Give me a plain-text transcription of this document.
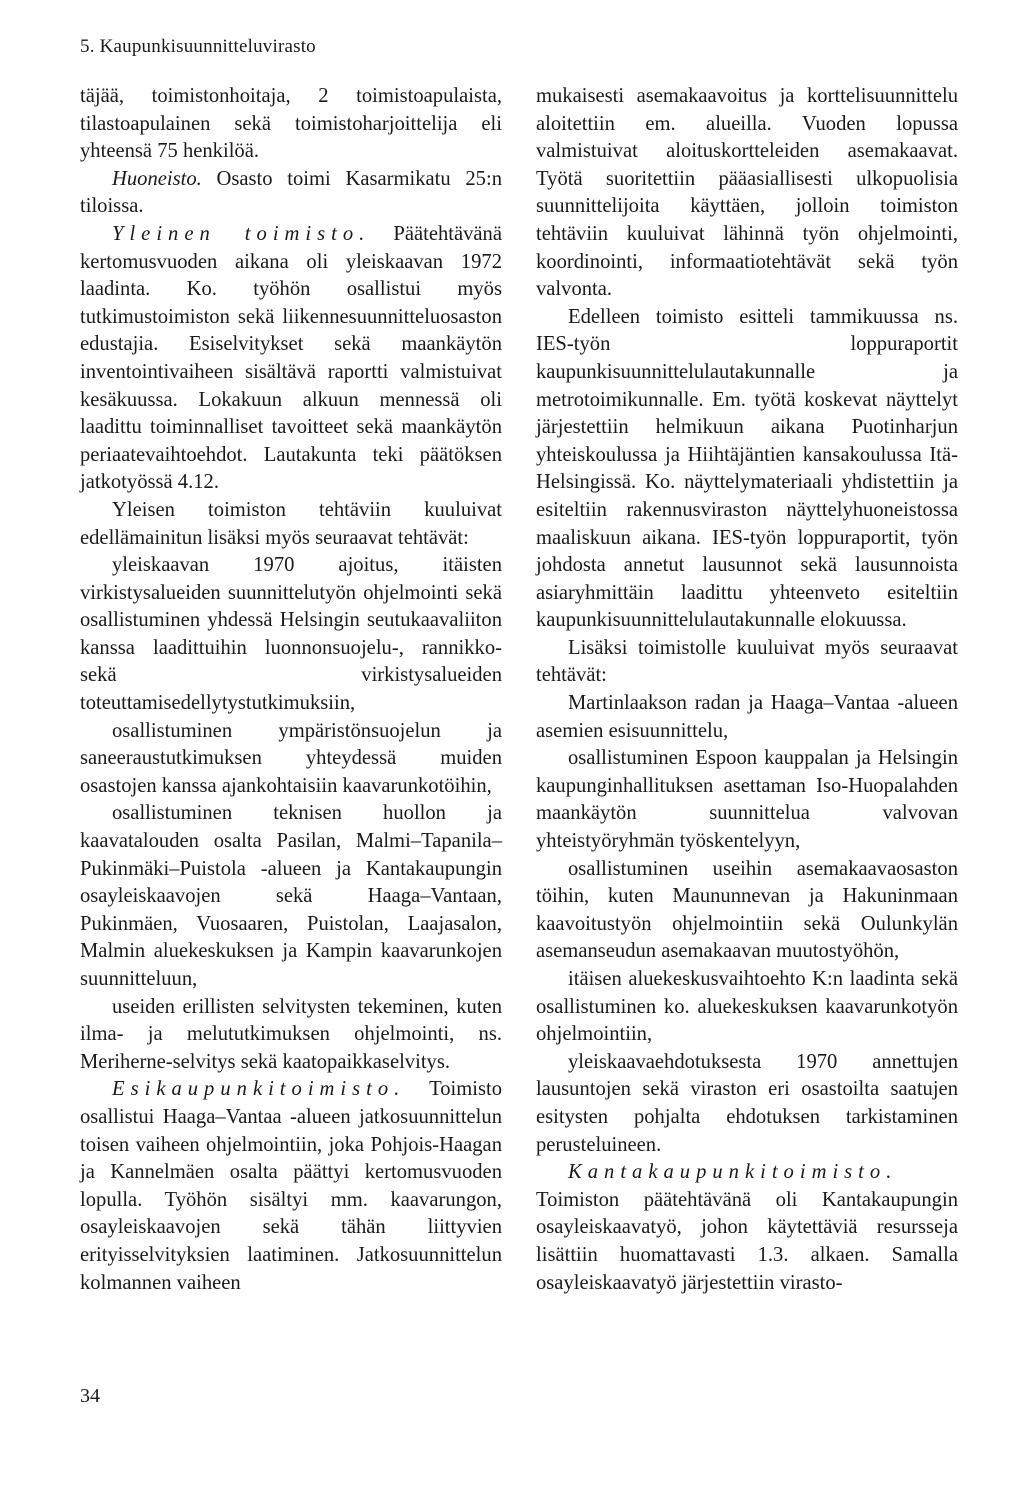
5. Kaupunkisuunnitteluvirasto

täjää, toimistonhoitaja, 2 toimistoapulaista, tilastoapulainen sekä toimistoharjoittelija eli yhteensä 75 henkilöä.

Huoneisto. Osasto toimi Kasarmikatu 25:n tiloissa.

Yleinen toimisto. Päätehtävänä kertomusvuoden aikana oli yleiskaavan 1972 laadinta. Ko. työhön osallistui myös tutkimustoimiston sekä liikennesuunnitteluosaston edustajia. Esiselvitykset sekä maankäytön inventointivaiheen sisältävä raportti valmistuivat kesäkuussa. Lokakuun alkuun mennessä oli laadittu toiminnalliset tavoitteet sekä maankäytön periaatevaihtoehdot. Lautakunta teki päätöksen jatkotyössä 4.12.

Yleisen toimiston tehtäviin kuuluivat edellämainitun lisäksi myös seuraavat tehtävät:

yleiskaavan 1970 ajoitus, itäisten virkistysalueiden suunnittelutyön ohjelmointi sekä osallistuminen yhdessä Helsingin seutukaavaliiton kanssa laadittuihin luonnonsuojelu-, rannikko- sekä virkistysalueiden toteuttamisedellytystutkimuksiin,

osallistuminen ympäristönsuojelun ja saneeraustutkimuksen yhteydessä muiden osastojen kanssa ajankohtaisiin kaavarunkotöihin,

osallistuminen teknisen huollon ja kaavatalouden osalta Pasilan, Malmi–Tapanila–Pukinmäki–Puistola -alueen ja Kantakaupungin osayleiskaavojen sekä Haaga–Vantaan, Pukinmäen, Vuosaaren, Puistolan, Laajasalon, Malmin aluekeskuksen ja Kampin kaavarunkojen suunnitteluun,

useiden erillisten selvitysten tekeminen, kuten ilma- ja melututkimuksen ohjelmointi, ns. Meriherne-selvitys sekä kaatopaikkaselvitys.

Esikaupunkitoimisto. Toimisto osallistui Haaga–Vantaa -alueen jatkosuunnittelun toisen vaiheen ohjelmointiin, joka Pohjois-Haagan ja Kannelmäen osalta päättyi kertomusvuoden lopulla. Työhön sisältyi mm. kaavarungon, osayleiskaavojen sekä tähän liittyvien erityisselvityksien laatiminen. Jatkosuunnittelun kolmannen vaiheen

mukaisesti asemakaavoitus ja korttelisuunnittelu aloitettiin em. alueilla. Vuoden lopussa valmistuivat aloituskortteleiden asemakaavat. Työtä suoritettiin pääasiallisesti ulkopuolisia suunnittelijoita käyttäen, jolloin toimiston tehtäviin kuuluivat lähinnä työn ohjelmointi, koordinointi, informaatiotehtävät sekä työn valvonta.

Edelleen toimisto esitteli tammikuussa ns. IES-työn loppuraportit kaupunkisuunnittelulautakunnalle ja metrotoimikunnalle. Em. työtä koskevat näyttelyt järjestettiin helmikuun aikana Puotinharjun yhteiskoulussa ja Hiihtäjäntien kansakoulussa Itä-Helsingissä. Ko. näyttelymateriaali yhdistettiin ja esiteltiin rakennusviraston näyttelyhuoneistossa maaliskuun aikana. IES-työn loppuraportit, työn johdosta annetut lausunnot sekä lausunnoista asiaryhmittäin laadittu yhteenveto esiteltiin kaupunkisuunnittelulautakunnalle elokuussa.

Lisäksi toimistolle kuuluivat myös seuraavat tehtävät:

Martinlaakson radan ja Haaga–Vantaa -alueen asemien esisuunnittelu,

osallistuminen Espoon kauppalan ja Helsingin kaupunginhallituksen asettaman Iso-Huopalahden maankäytön suunnittelua valvovan yhteistyöryhmän työskentelyyn,

osallistuminen useihin asemakaavaosaston töihin, kuten Maununnevan ja Hakuninmaan kaavoitustyön ohjelmointiin sekä Oulunkylän asemanseudun asemakaavan muutostyöhön,

itäisen aluekeskusvaihtoehto K:n laadinta sekä osallistuminen ko. aluekeskuksen kaavarunkotyön ohjelmointiin,

yleiskaavaehdotuksesta 1970 annettujen lausuntojen sekä viraston eri osastoilta saatujen esitysten pohjalta ehdotuksen tarkistaminen perusteluineen.

Kantakaupunkitoimisto. Toimiston päätehtävänä oli Kantakaupungin osayleiskaavatyö, johon käytettäviä resursseja lisättiin huomattavasti 1.3. alkaen. Samalla osayleiskaavatyö järjestettiin virasto-

34
